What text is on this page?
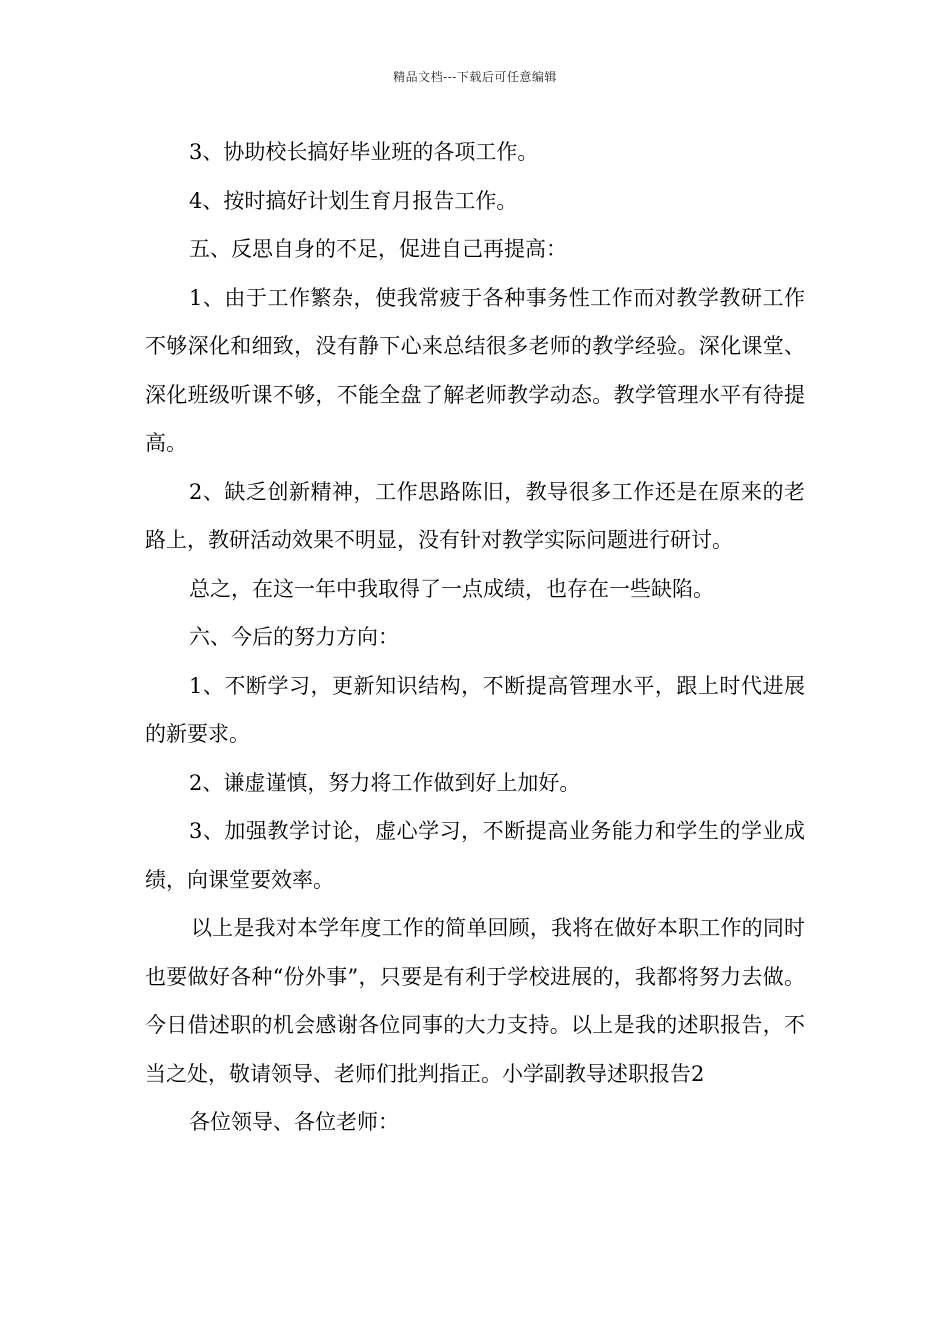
精品文档---下载后可任意编辑

3、协助校长搞好毕业班的各项工作。

4、按时搞好计划生育月报告工作。

五、反思自身的不足，促进自己再提高：

1、由于工作繁杂，使我常疲于各种事务性工作而对教学教研工作不够深化和细致，没有静下心来总结很多老师的教学经验。深化课堂、深化班级听课不够，不能全盘了解老师教学动态。教学管理水平有待提高。

2、缺乏创新精神，工作思路陈旧，教导很多工作还是在原来的老路上，教研活动效果不明显，没有针对教学实际问题进行研讨。

总之，在这一年中我取得了一点成绩，也存在一些缺陷。

六、今后的努力方向：

1、不断学习，更新知识结构，不断提高管理水平，跟上时代进展的新要求。

2、谦虚谨慎，努力将工作做到好上加好。

3、加强教学讨论，虚心学习，不断提高业务能力和学生的学业成绩，向课堂要效率。

以上是我对本学年度工作的简单回顾，我将在做好本职工作的同时也要做好各种“份外事”，只要是有利于学校进展的，我都将努力去做。今日借述职的机会感谢各位同事的大力支持。以上是我的述职报告，不当之处，敬请领导、老师们批判指正。小学副教导述职报告2

各位领导、各位老师：
